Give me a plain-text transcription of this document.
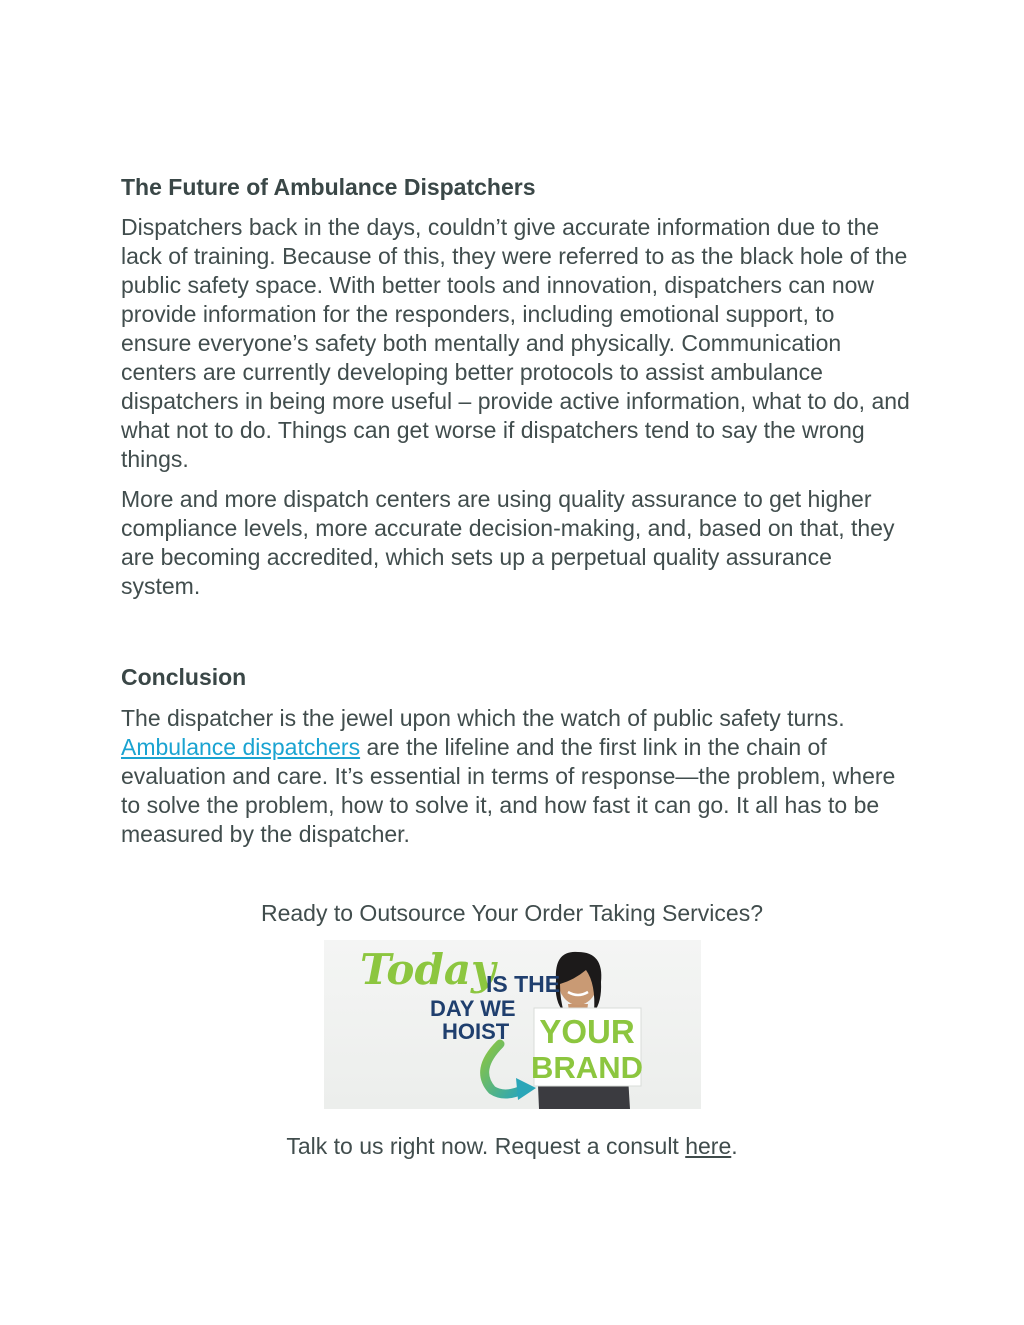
The Future of Ambulance Dispatchers

Dispatchers back in the days, couldn’t give accurate information due to the lack of training. Because of this, they were referred to as the black hole of the public safety space. With better tools and innovation, dispatchers can now provide information for the responders, including emotional support, to ensure everyone’s safety both mentally and physically. Communication centers are currently developing better protocols to assist ambulance dispatchers in being more useful – provide active information, what to do, and what not to do. Things can get worse if dispatchers tend to say the wrong things.

More and more dispatch centers are using quality assurance to get higher compliance levels, more accurate decision-making, and, based on that, they are becoming accredited, which sets up a perpetual quality assurance system.

Conclusion

The dispatcher is the jewel upon which the watch of public safety turns. Ambulance dispatchers are the lifeline and the first link in the chain of evaluation and care. It’s essential in terms of response—the problem, where to solve the problem, how to solve it, and how fast it can go. It all has to be measured by the dispatcher.

Ready to Outsource Your Order Taking Services?
YOUR
BRAND
Today
IS THE
DAY WE
HOIST
Talk to us right now. Request a consult here.
